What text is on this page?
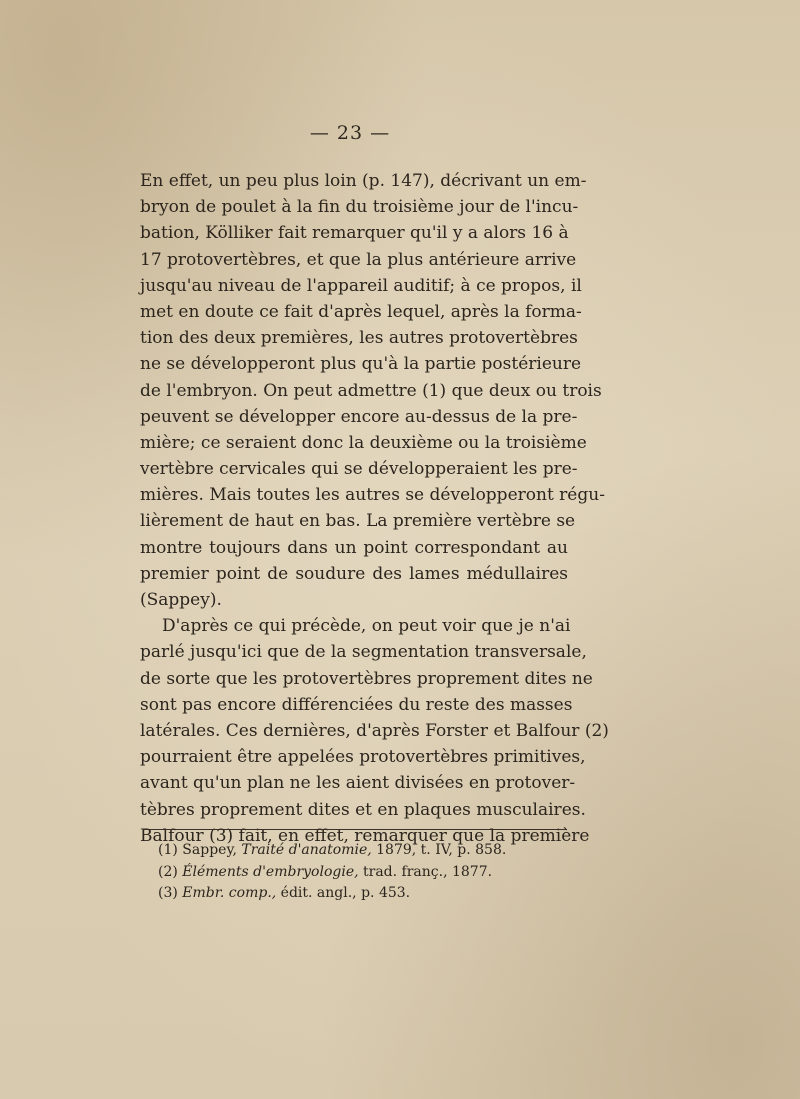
— 23 —
En effet, un peu plus loin (p. 147), décrivant un em-
bryon de poulet à la fin du troisième jour de l'incu-
bation, Kölliker fait remarquer qu'il y a alors 16 à
17 protovertèbres, et que la plus antérieure arrive
jusqu'au niveau de l'appareil auditif; à ce propos, il
met en doute ce fait d'après lequel, après la forma-
tion des deux premières, les autres protovertèbres
ne se développeront plus qu'à la partie postérieure
de l'embryon. On peut admettre (1) que deux ou trois
peuvent se développer encore au-dessus de la pre-
mière; ce seraient donc la deuxième ou la troisième
vertèbre cervicales qui se développeraient les pre-
mières. Mais toutes les autres se développeront régu-
lièrement de haut en bas. La première vertèbre se
montre toujours dans un point correspondant au
premier point de soudure des lames médullaires
(Sappey).
D'après ce qui précède, on peut voir que je n'ai
parlé jusqu'ici que de la segmentation transversale,
de sorte que les protovertèbres proprement dites ne
sont pas encore différenciées du reste des masses
latérales. Ces dernières, d'après Forster et Balfour (2)
pourraient être appelées protovertèbres primitives,
avant qu'un plan ne les aient divisées en protover-
tèbres proprement dites et en plaques musculaires.
Balfour (3) fait, en effet, remarquer que la première
(1) Sappey, Traité d'anatomie, 1879, t. IV, p. 858.
(2) Éléments d'embryologie, trad. franç., 1877.
(3) Embr. comp., édit. angl., p. 453.
